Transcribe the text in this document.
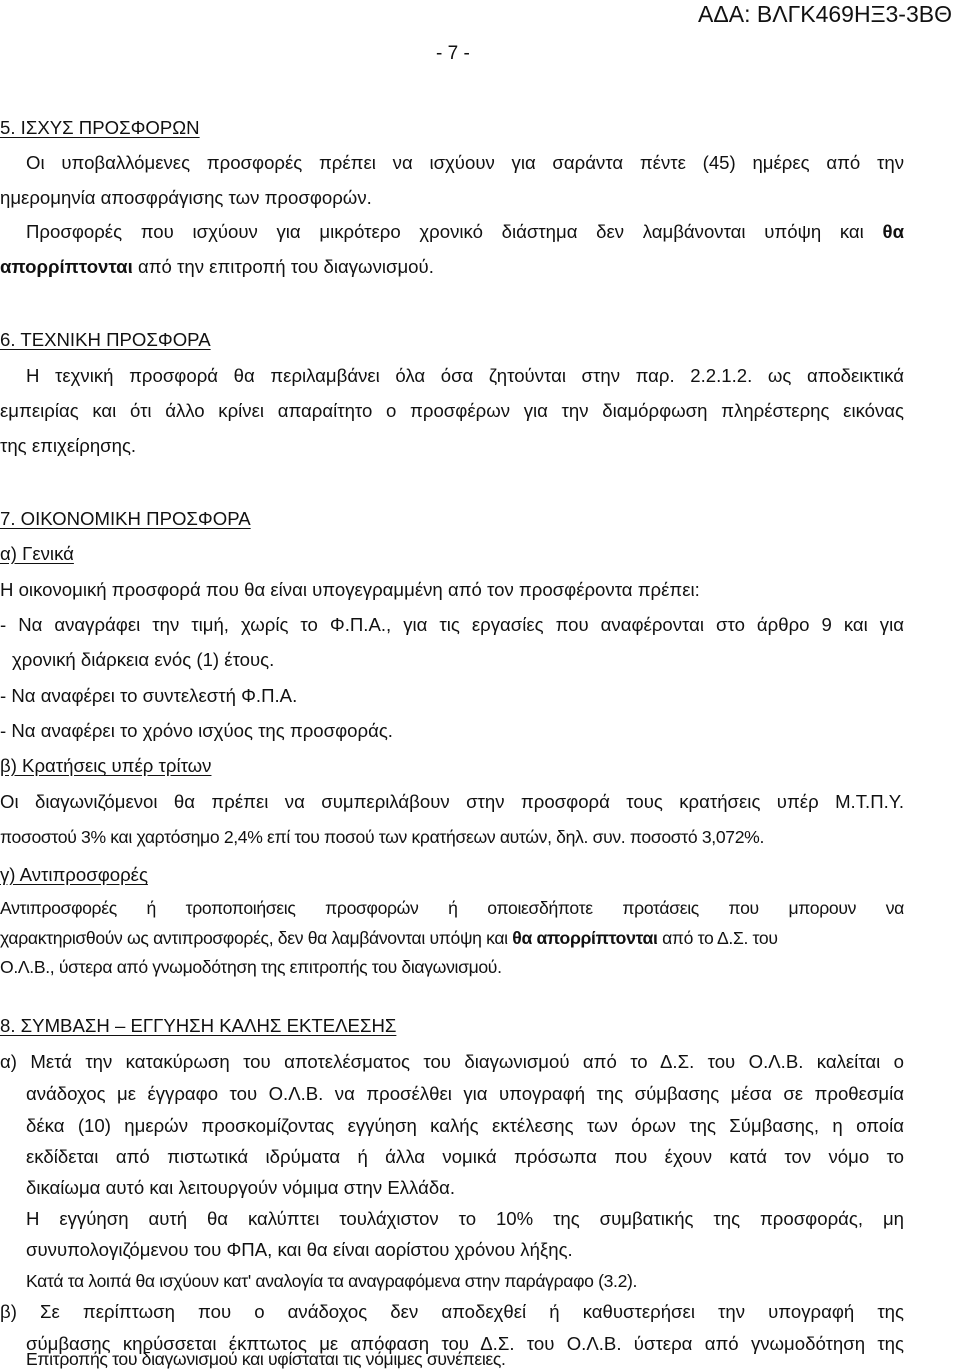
ΑΔΑ: ΒΛΓΚ469ΗΞ3-3ΒΘ
- 7 -
5. ΙΣΧΥΣ ΠΡΟΣΦΟΡΩΝ
Οι υποβαλλόμενες προσφορές πρέπει να ισχύουν για σαράντα πέντε (45) ημέρες από την
ημερομηνία αποσφράγισης των προσφορών.
Προσφορές που ισχύουν για μικρότερο χρονικό διάστημα δεν λαμβάνονται υπόψη και θα
απορρίπτονται από την επιτροπή του διαγωνισμού.
6. ΤΕΧΝΙΚΗ ΠΡΟΣΦΟΡΑ
Η τεχνική προσφορά θα περιλαμβάνει όλα όσα ζητούνται στην παρ. 2.2.1.2. ως αποδεικτικά
εμπειρίας και ότι άλλο κρίνει απαραίτητο ο προσφέρων για την διαμόρφωση πληρέστερης εικόνας
της επιχείρησης.
7. ΟΙΚΟΝΟΜΙΚΗ ΠΡΟΣΦΟΡΑ
α) Γενικά
Η οικονομική προσφορά που θα είναι υπογεγραμμένη από τον προσφέροντα πρέπει:
- Να αναγράφει την τιμή, χωρίς το Φ.Π.Α., για τις εργασίες που αναφέρονται στο άρθρο 9 και για
χρονική διάρκεια ενός (1) έτους.
- Να αναφέρει το συντελεστή Φ.Π.Α.
- Να αναφέρει το χρόνο ισχύος της προσφοράς.
β) Κρατήσεις υπέρ τρίτων
Οι διαγωνιζόμενοι θα πρέπει να συμπεριλάβουν στην προσφορά τους κρατήσεις υπέρ Μ.Τ.Π.Υ.
ποσοστού 3% και χαρτόσημο 2,4% επί του ποσού των κρατήσεων αυτών, δηλ. συν. ποσοστό 3,072%.
γ) Αντιπροσφορές
Αντιπροσφορές ή τροποποιήσεις προσφορών ή οποιεσδήποτε προτάσεις που μπορουν να
χαρακτηρισθούν ως αντιπροσφορές, δεν θα λαμβάνονται υπόψη και θα απορρίπτονται από το Δ.Σ. του
Ο.Λ.Β., ύστερα από γνωμοδότηση της επιτροπής του διαγωνισμού.
8. ΣΥΜΒΑΣΗ – ΕΓΓΥΗΣΗ ΚΑΛΗΣ ΕΚΤΕΛΕΣΗΣ
α) Μετά την κατακύρωση του αποτελέσματος του διαγωνισμού από το Δ.Σ. του Ο.Λ.Β. καλείται ο
ανάδοχος με έγγραφο του Ο.Λ.Β. να προσέλθει για υπογραφή της σύμβασης μέσα σε προθεσμία
δέκα (10) ημερών προσκομίζοντας εγγύηση καλής εκτέλεσης των όρων της Σύμβασης, η οποία
εκδίδεται από πιστωτικά ιδρύματα ή άλλα νομικά πρόσωπα που έχουν κατά τον νόμο το
δικαίωμα αυτό και λειτουργούν νόμιμα στην Ελλάδα.
Η εγγύηση αυτή θα καλύπτει τουλάχιστον το 10% της συμβατικής της προσφοράς, μη
συνυπολογιζόμενου του ΦΠΑ, και θα είναι αορίστου χρόνου λήξης.
Κατά τα λοιπά θα ισχύουν κατ' αναλογία τα αναγραφόμενα στην παράγραφο (3.2).
β) Σε περίπτωση που ο ανάδοχος δεν αποδεχθεί ή καθυστερήσει την υπογραφή της
σύμβασης κηρύσσεται έκπτωτος με απόφαση του Δ.Σ. του Ο.Λ.Β. ύστερα από γνωμοδότηση της
Επιτροπής του διαγωνισμού και υφίσταται τις νόμιμες συνέπειες.
